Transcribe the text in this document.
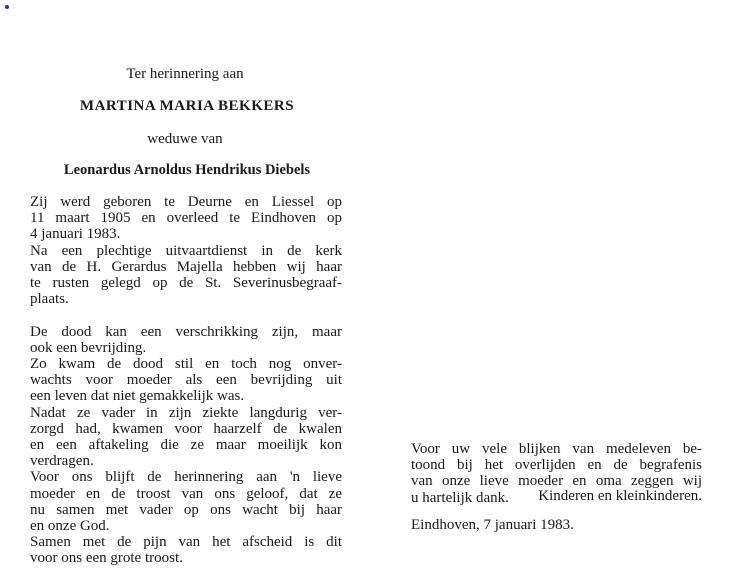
Ter herinnering aan
MARTINA MARIA BEKKERS
weduwe van
Leonardus Arnoldus Hendrikus Diebels
Zij werd geboren te Deurne en Liessel op
11 maart 1905 en overleed te Eindhoven op
4 januari 1983.
Na een plechtige uitvaartdienst in de kerk
van de H. Gerardus Majella hebben wij haar
te rusten gelegd op de St. Severinusbegraaf-
plaats.
De dood kan een verschrikking zijn, maar
ook een bevrijding.
Zo kwam de dood stil en toch nog onver-
wachts voor moeder als een bevrijding uit
een leven dat niet gemakkelijk was.
Nadat ze vader in zijn ziekte langdurig ver-
zorgd had, kwamen voor haarzelf de kwalen
en een aftakeling die ze maar moeilijk kon
verdragen.
Voor ons blijft de herinnering aan 'n lieve
moeder en de troost van ons geloof, dat ze
nu samen met vader op ons wacht bij haar
en onze God.
Samen met de pijn van het afscheid is dit
voor ons een grote troost.
Voor uw vele blijken van medeleven be-
toond bij het overlijden en de begrafenis
van onze lieve moeder en oma zeggen wij
u hartelijk dank.	Kinderen en kleinkinderen.
Eindhoven, 7 januari 1983.
